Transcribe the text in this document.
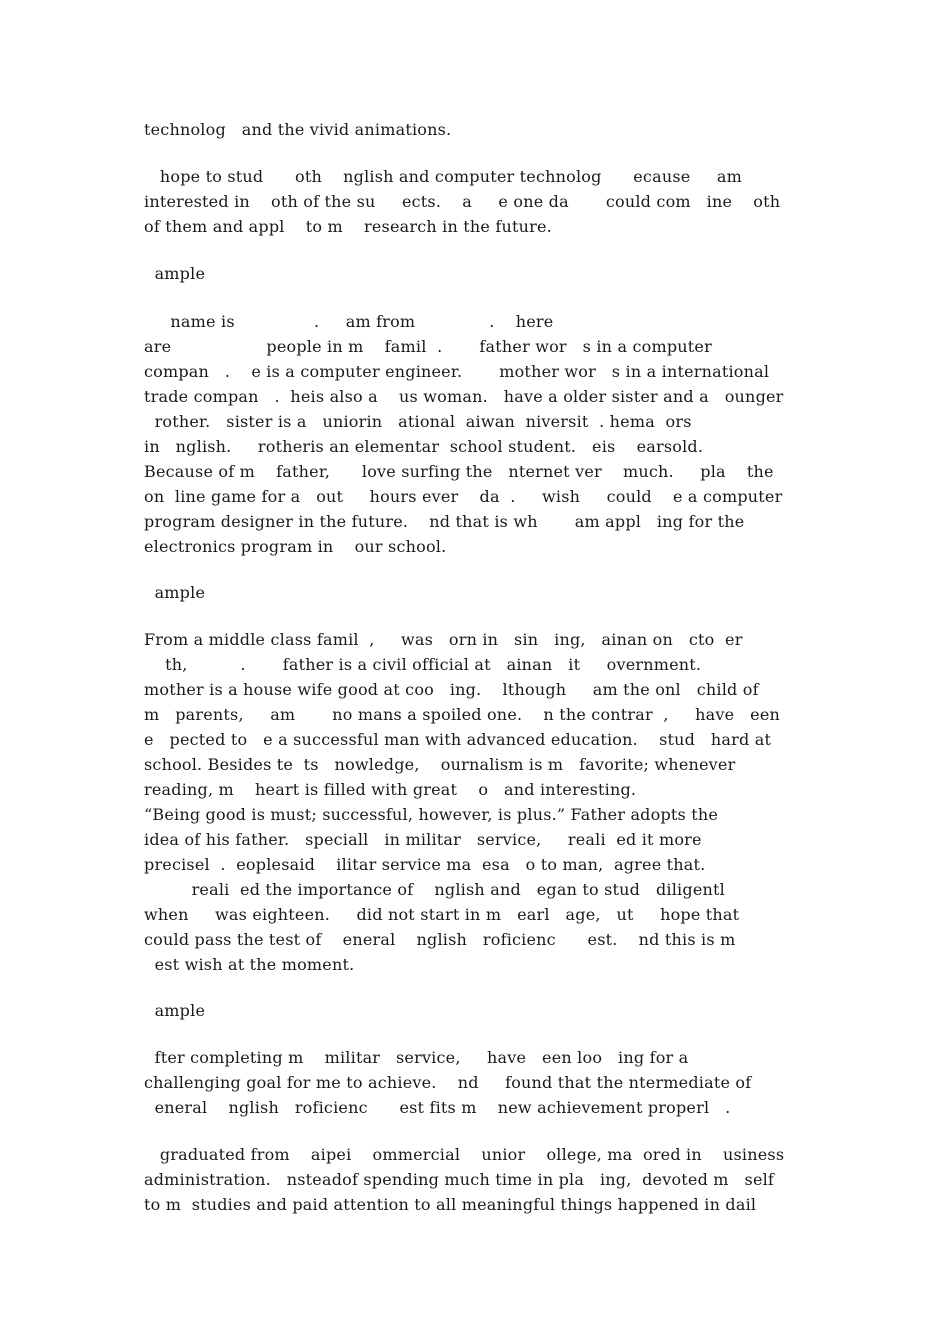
technolog   and the vivid animations.
hope to stud      oth    nglish and computer technolog      ecause     am
interested in    oth of the su     ects.    a     e one da       could com   ine    oth
of them and appl    to m    research in the future.
ample
name is               .     am from              .    here
are                  people in m    famil  .       father wor   s in a computer
compan   .    e is a computer engineer.       mother wor   s in a international
trade compan   .  heis also a    us woman.   have a older sister and a   ounger
rother.   sister is a   uniorin   ational  aiwan  niversit  . hema  ors
in   nglish.     rotheris an elementar  school student.   eis    earsold.
Because of m    father,      love surfing the   nternet ver    much.     pla    the
on  line game for a   out     hours ever    da  .     wish     could    e a computer
program designer in the future.    nd that is wh       am appl   ing for the
electronics program in    our school.
ample
From a middle class famil  ,     was   orn in   sin   ing,   ainan on   cto  er
th,          .       father is a civil official at   ainan   it     overnment.
mother is a house wife good at coo   ing.    lthough     am the onl   child of
m   parents,     am       no mans a spoiled one.    n the contrar  ,     have   een
e   pected to   e a successful man with advanced education.    stud   hard at
school. Besides te  ts   nowledge,    ournalism is m   favorite; whenever
reading, m    heart is filled with great    o   and interesting.
“Being good is must; successful, however, is plus.” Father adopts the
idea of his father.   speciall   in militar   service,     reali  ed it more
precisel  .  eoplesaid    ilitar service ma  esa   o to man,  agree that.
reali  ed the importance of    nglish and   egan to stud   diligentl
when     was eighteen.     did not start in m   earl   age,   ut     hope that
could pass the test of    eneral    nglish   roficienc      est.    nd this is m
est wish at the moment.
ample
fter completing m    militar   service,     have   een loo   ing for a
challenging goal for me to achieve.    nd     found that the ntermediate of
eneral    nglish   roficienc      est fits m    new achievement properl   .
graduated from    aipei    ommercial    unior    ollege, ma  ored in    usiness
administration.   nsteadof spending much time in pla   ing,  devoted m   self
to m  studies and paid attention to all meaningful things happened in dail
